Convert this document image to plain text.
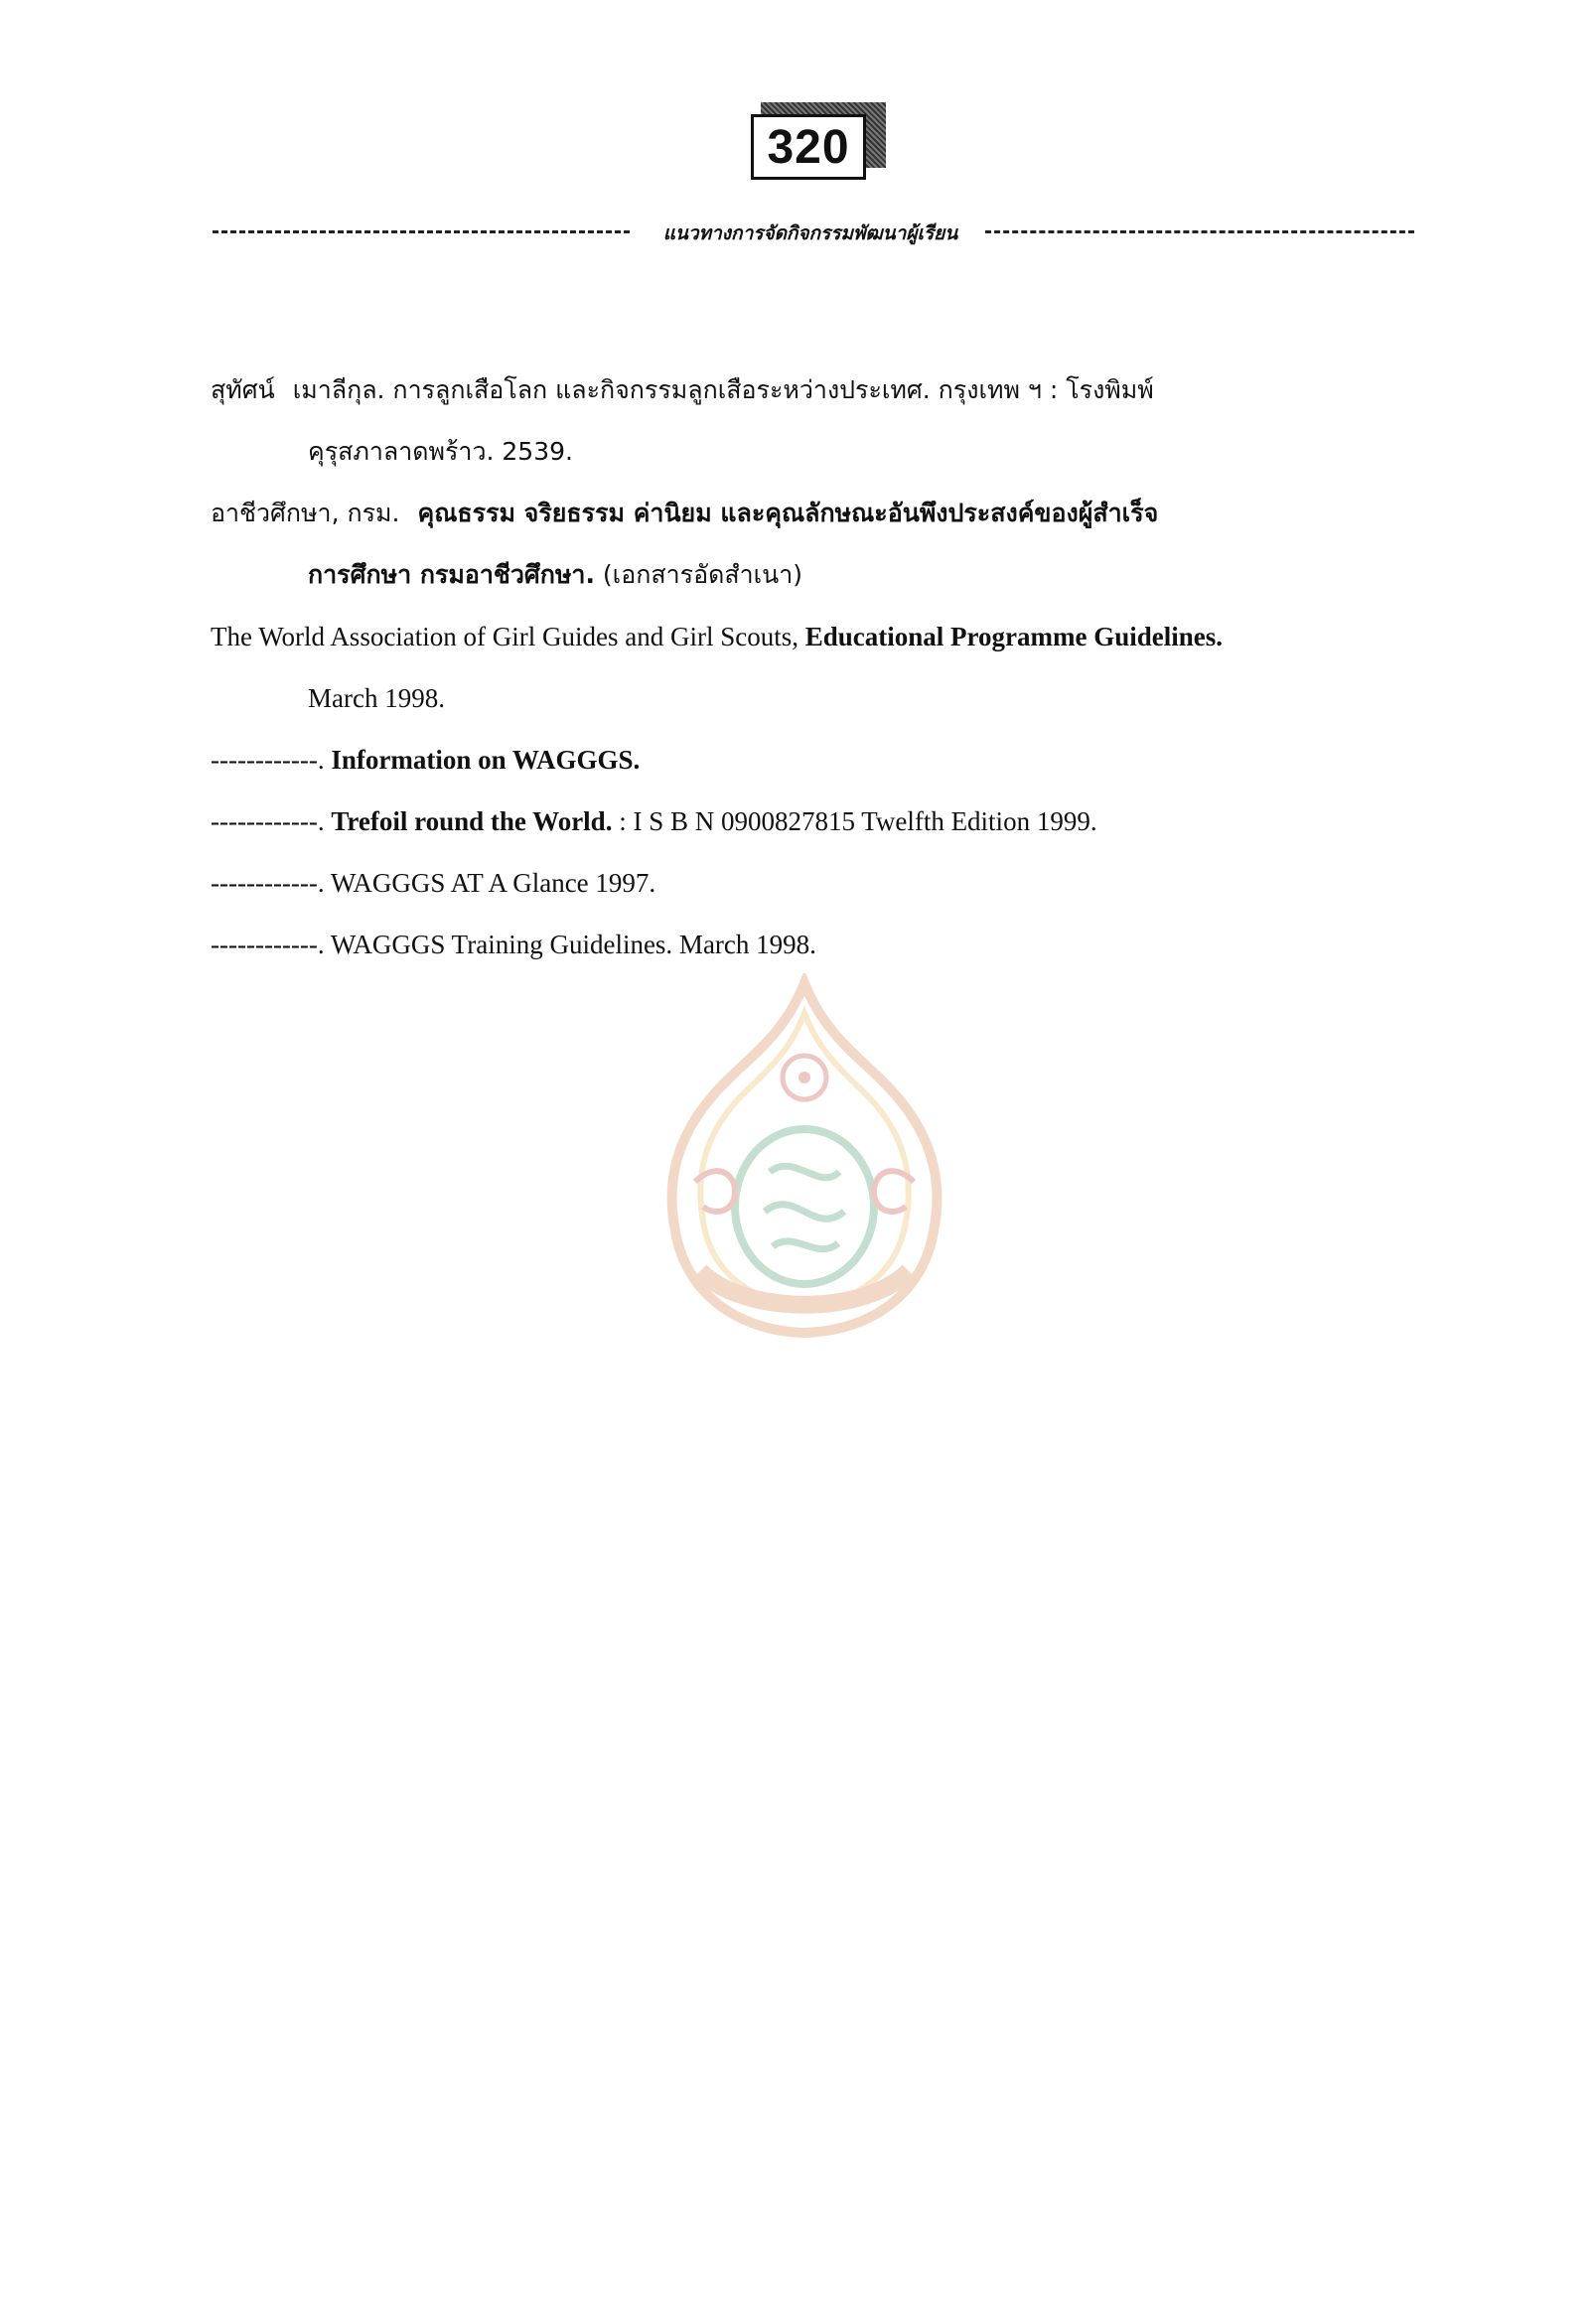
320
แนวทางการจัดกิจกรรมพัฒนาผู้เรียน
สุทัศน์ เมาลีกุล. การลูกเสือโลก และกิจกรรมลูกเสือระหว่างประเทศ. กรุงเทพ ฯ : โรงพิมพ์
คุรุสภาลาดพร้าว. 2539.
อาชีวศึกษา, กรม. คุณธรรม จริยธรรม ค่านิยม และคุณลักษณะอันพึงประสงค์ของผู้สำเร็จ
การศึกษา กรมอาชีวศึกษา. (เอกสารอัดสำเนา)
The World Association of Girl Guides and Girl Scouts, Educational Programme Guidelines.
March 1998.
------------. Information on WAGGGS.
------------. Trefoil round the World. : I S B N 0900827815 Twelfth Edition 1999.
------------. WAGGGS AT A Glance 1997.
------------. WAGGGS Training Guidelines. March 1998.
